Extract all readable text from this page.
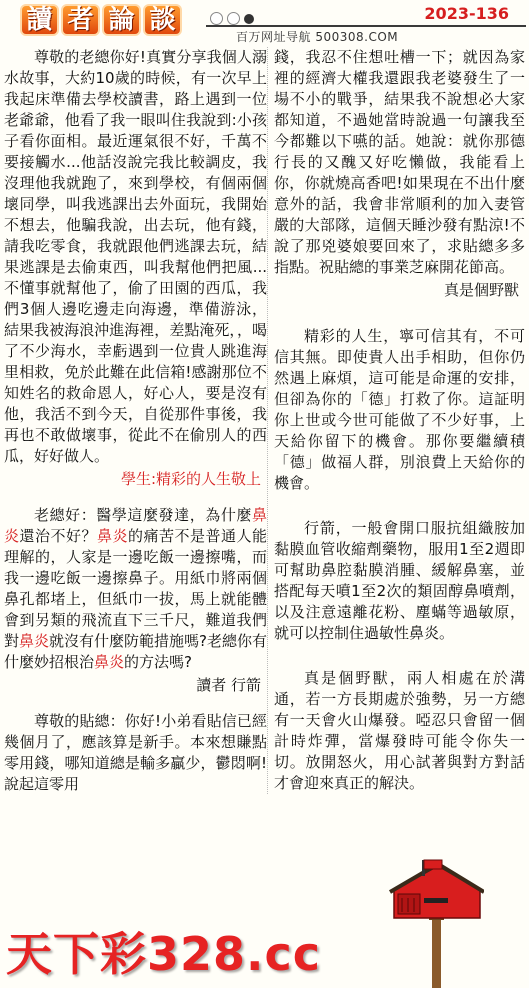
讀 者 論 談	2023-136
百万网址导航 500308.COM

尊敬的老總你好!真實分享我個人溺水故事，大約10歲的時候，有一次早上我起床準備去學校讀書，路上遇到一位老爺爺，他看了我一眼叫住我說到:小孩子看你面相。最近運氣很不好，千萬不要接觸水...他話沒說完我比較調皮，我沒理他我就跑了，來到學校，有個兩個壞同學，叫我逃課出去外面玩，我開始不想去，他騙我說，出去玩，他有錢，請我吃零食，我就跟他們逃課去玩，結果逃課是去偷東西，叫我幫他們把風...不懂事就幫他了，偷了田園的西瓜，我們3個人邊吃邊走向海邊，準備游泳，結果我被海浪沖進海裡，差點淹死，，喝了不少海水，幸虧遇到一位貴人跳進海里相救，免於此難在此信箱!感謝那位不知姓名的救命恩人，好心人，要是沒有他，我活不到今天，自從那件事後，我再也不敢做壞事，從此不在偷別人的西瓜，好好做人。

學生:精彩的人生敬上

老總好：醫學這麼發達，為什麼鼻炎還治不好？鼻炎的痛苦不是普通人能理解的，人家是一邊吃飯一邊擦嘴，而我一邊吃飯一邊擦鼻子。用紙巾將兩個鼻孔都堵上，但紙巾一拔，馬上就能體會到另類的飛流直下三千尺，難道我們對鼻炎就沒有什麼防範措施嗎?老總你有什麼妙招根治鼻炎的方法嗎?

讀者 行箭

尊敬的貼總：你好!小弟看貼信已經幾個月了，應該算是新手。本來想賺點零用錢，哪知道總是輸多贏少，鬱悶啊!說起這零用

錢，我忍不住想吐槽一下；就因為家裡的經濟大權我還跟我老婆發生了一場不小的戰爭，結果我不說想必大家都知道，不過她當時說過一句讓我至今都難以下嚥的話。她說：就你那德行長的又醜又好吃懶做，我能看上你，你就燒高香吧!如果現在不出什麼意外的話，我會非常順利的加入妻管嚴的大部隊，這個天睡沙發有點涼!不說了那兇婆娘要回來了，求貼總多多指點。祝貼總的事業芝麻開花節高。

真是個野獸

精彩的人生，寧可信其有，不可信其無。即使貴人出手相助，但你仍然遇上麻煩，這可能是命運的安排，但卻為你的「德」打救了你。這証明你上世或今世可能做了不少好事，上天給你留下的機會。那你要繼續積「德」做福人群，別浪費上天給你的機會。

行箭，一般會開口服抗組織胺加黏膜血管收縮劑藥物，服用1至2週即可幫助鼻腔黏膜消腫、緩解鼻塞，並搭配每天噴1至2次的類固醇鼻噴劑，以及注意遠離花粉、塵蟎等過敏原，就可以控制住過敏性鼻炎。

真是個野獸，兩人相處在於溝通，若一方長期處於強勢，另一方總有一天會火山爆發。啞忍只會留一個計時炸彈，當爆發時可能令你失一切。放開怒火，用心試著與對方對話才會迎來真正的解決。

天下彩328.cc
